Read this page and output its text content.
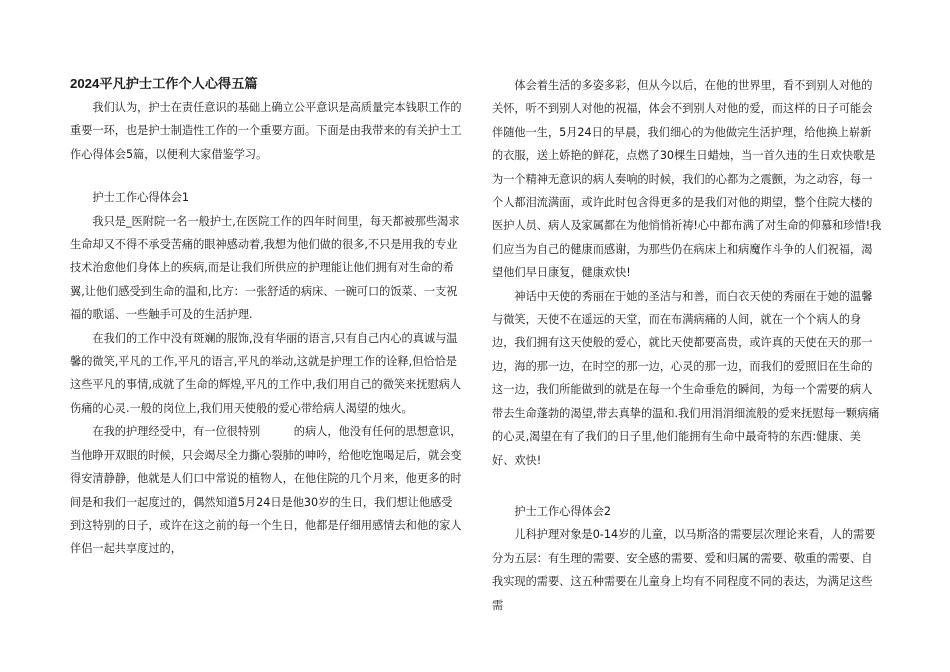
2024平凡护士工作个人心得五篇
　　我们认为，护士在责任意识的基础上确立公平意识是高质量完本钱职工作的重要一环，也是护士制造性工作的一个重要方面。下面是由我带来的有关护士工作心得体会5篇，以便利大家借鉴学习。
　　护士工作心得体会1
　　我只是_医附院一名一般护士,在医院工作的四年时间里，每天都被那些渴求生命却又不得不承受苦痛的眼神感动着,我想为他们做的很多,不只是用我的专业技术治愈他们身体上的疾病,而是让我们所供应的护理能让他们拥有对生命的希翼,让他们感受到生命的温和,比方：一张舒适的病床、一碗可口的饭菜、一支祝福的歌谣、一些触手可及的生活护理.
　　在我们的工作中没有斑斓的服饰,没有华丽的语言,只有自己内心的真诚与温馨的微笑,平凡的工作,平凡的语言,平凡的举动,这就是护理工作的诠释,但恰恰是这些平凡的事情,成就了生命的辉煌,平凡的工作中,我们用自己的微笑来抚慰病人伤痛的心灵.一般的岗位上,我们用天使般的爱心带给病人渴望的烛火。
　　在我的护理经受中，有一位很特别　　　的病人，他没有任何的思想意识，当他睁开双眼的时候，只会竭尽全力撕心裂肺的呻吟，给他吃饱喝足后，就会变得安清静静，他就是人们口中常说的植物人，在他住院的几个月来，他更多的时间是和我们一起度过的，偶然知道5月24日是他30岁的生日，我们想让他感受到这特别的日子，或许在这之前的每一个生日，他都是仔细用感情去和他的家人伴侣一起共享度过的，
　　体会着生活的多姿多彩，但从今以后，在他的世界里，看不到别人对他的关怀，听不到别人对他的祝福，体会不到别人对他的爱，而这样的日子可能会伴随他一生，5月24日的早晨，我们细心的为他做完生活护理，给他换上崭新的衣服，送上娇艳的鲜花，点燃了30棵生日蜡烛，当一首久违的生日欢快歌是为一个精神无意识的病人奏响的时候，我们的心都为之震颤，为之动容，每一个人都泪流满面，或许此时包含得更多的是我们对他的期望，整个住院大楼的医护人员、病人及家属都在为他悄悄祈祷!心中都布满了对生命的仰慕和珍惜!我们应当为自己的健康而感谢，为那些仍在病床上和病魔作斗争的人们祝福，渴望他们早日康复，健康欢快!
　　神话中天使的秀丽在于她的圣洁与和善，而白衣天使的秀丽在于她的温馨与微笑，天使不在遥远的天堂，而在布满病痛的人间，就在一个个病人的身边，我们拥有这天使般的爱心，就比天使都要高贵，或许真的天使在天的那一边，海的那一边，在时空的那一边，心灵的那一边，而我们的爱照旧在生命的这一边，我们所能做到的就是在每一个生命垂危的瞬间，为每一个需要的病人带去生命蓬勃的渴望,带去真挚的温和.我们用涓涓细流般的爱来抚慰每一颗病痛的心灵,渴望在有了我们的日子里,他们能拥有生命中最奇特的东西:健康、美好、欢快!
　　护士工作心得体会2
　　儿科护理对象是0-14岁的儿童，以马斯洛的需要层次理论来看，人的需要分为五层：有生理的需要、安全感的需要、爱和归属的需要、敬重的需要、自我实现的需要、这五种需要在儿童身上均有不同程度不同的表达，为满足这些需
